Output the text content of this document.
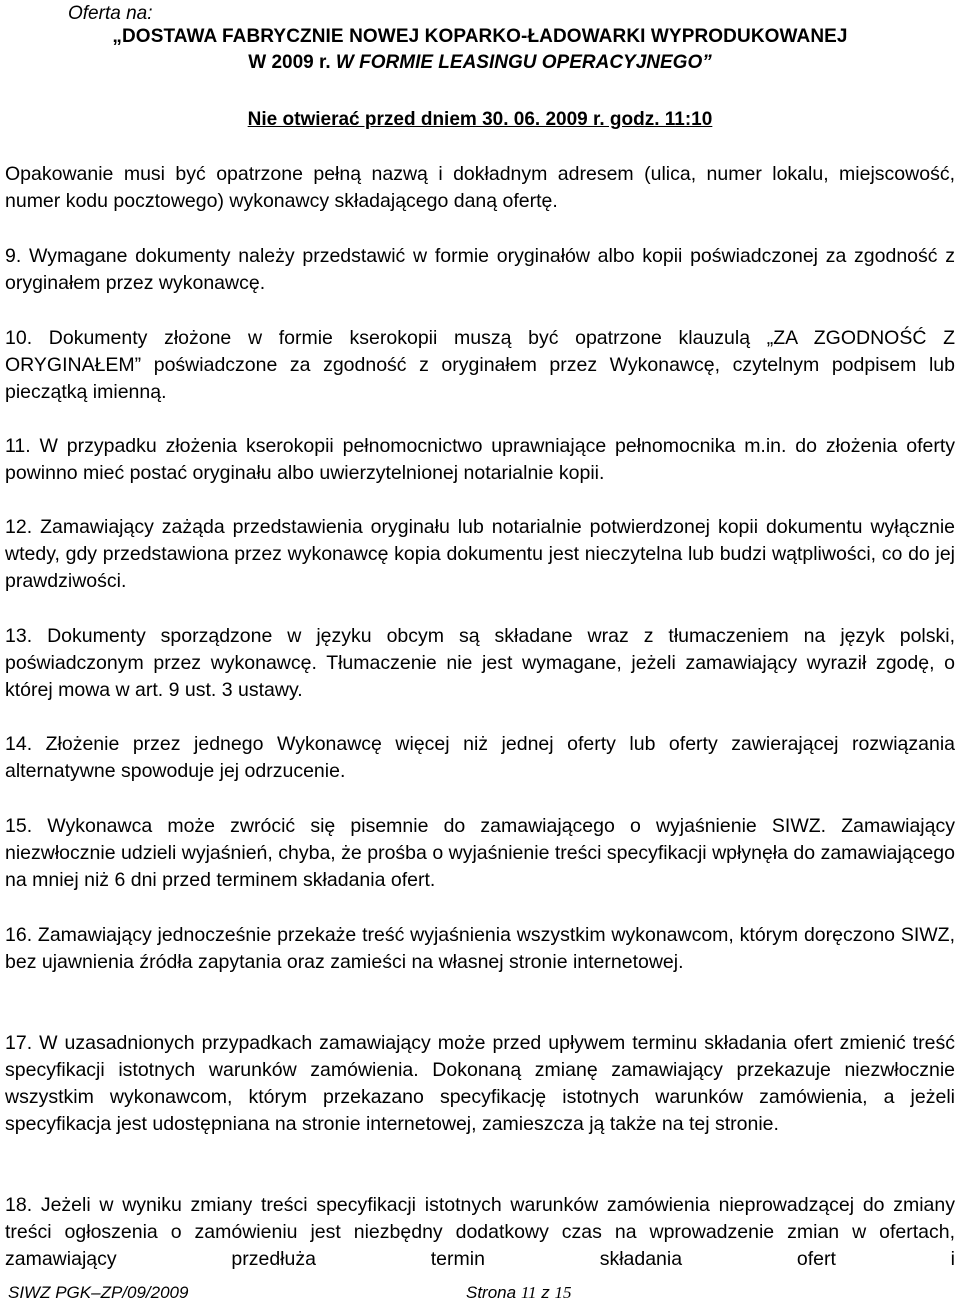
Oferta na:
„DOSTAWA FABRYCZNIE NOWEJ KOPARKO-ŁADOWARKI WYPRODUKOWANEJ
W 2009 r. W FORMIE LEASINGU OPERACYJNEGO”
Nie otwierać przed dniem 30. 06. 2009 r. godz. 11:10
Opakowanie musi być opatrzone pełną nazwą i dokładnym adresem (ulica, numer lokalu, miejscowość, numer kodu pocztowego) wykonawcy składającego daną ofertę.
9. Wymagane dokumenty należy przedstawić w formie oryginałów albo kopii poświadczonej za zgodność z oryginałem przez wykonawcę.
10. Dokumenty złożone w formie kserokopii muszą być opatrzone klauzulą „ZA ZGODNOŚĆ Z ORYGINAŁEM” poświadczone za zgodność z oryginałem przez Wykonawcę, czytelnym podpisem lub pieczątką imienną.
11. W przypadku złożenia kserokopii pełnomocnictwo uprawniające pełnomocnika m.in. do złożenia oferty powinno mieć postać oryginału albo uwierzytelnionej notarialnie kopii.
12. Zamawiający zażąda przedstawienia oryginału lub notarialnie potwierdzonej kopii dokumentu wyłącznie wtedy, gdy przedstawiona przez wykonawcę kopia dokumentu jest nieczytelna lub budzi wątpliwości, co do jej prawdziwości.
13. Dokumenty sporządzone w języku obcym są składane wraz z tłumaczeniem na język polski, poświadczonym przez wykonawcę. Tłumaczenie nie jest wymagane, jeżeli zamawiający wyraził zgodę, o której mowa w art. 9 ust. 3 ustawy.
14. Złożenie przez jednego Wykonawcę więcej niż jednej oferty lub oferty zawierającej rozwiązania alternatywne spowoduje jej odrzucenie.
15. Wykonawca może zwrócić się pisemnie do zamawiającego o wyjaśnienie SIWZ. Zamawiający niezwłocznie udzieli wyjaśnień, chyba, że prośba o wyjaśnienie treści specyfikacji wpłynęła do zamawiającego na mniej niż 6 dni przed terminem składania ofert.
16. Zamawiający jednocześnie przekaże treść wyjaśnienia wszystkim wykonawcom, którym doręczono SIWZ, bez ujawnienia źródła zapytania oraz zamieści na własnej stronie internetowej.
17. W uzasadnionych przypadkach zamawiający może przed upływem terminu składania ofert zmienić treść specyfikacji istotnych warunków zamówienia. Dokonaną zmianę zamawiający przekazuje niezwłocznie wszystkim wykonawcom, którym przekazano specyfikację istotnych warunków zamówienia, a jeżeli specyfikacja jest udostępniana na stronie internetowej, zamieszcza ją także na tej stronie.
18. Jeżeli w wyniku zmiany treści specyfikacji istotnych warunków zamówienia nieprowadzącej do zmiany treści ogłoszenia o zamówieniu jest niezbędny dodatkowy czas na wprowadzenie zmian w ofertach, zamawiający przedłuża termin składania ofert i
SIWZ PGK–ZP/09/2009	Strona 11 z 15
